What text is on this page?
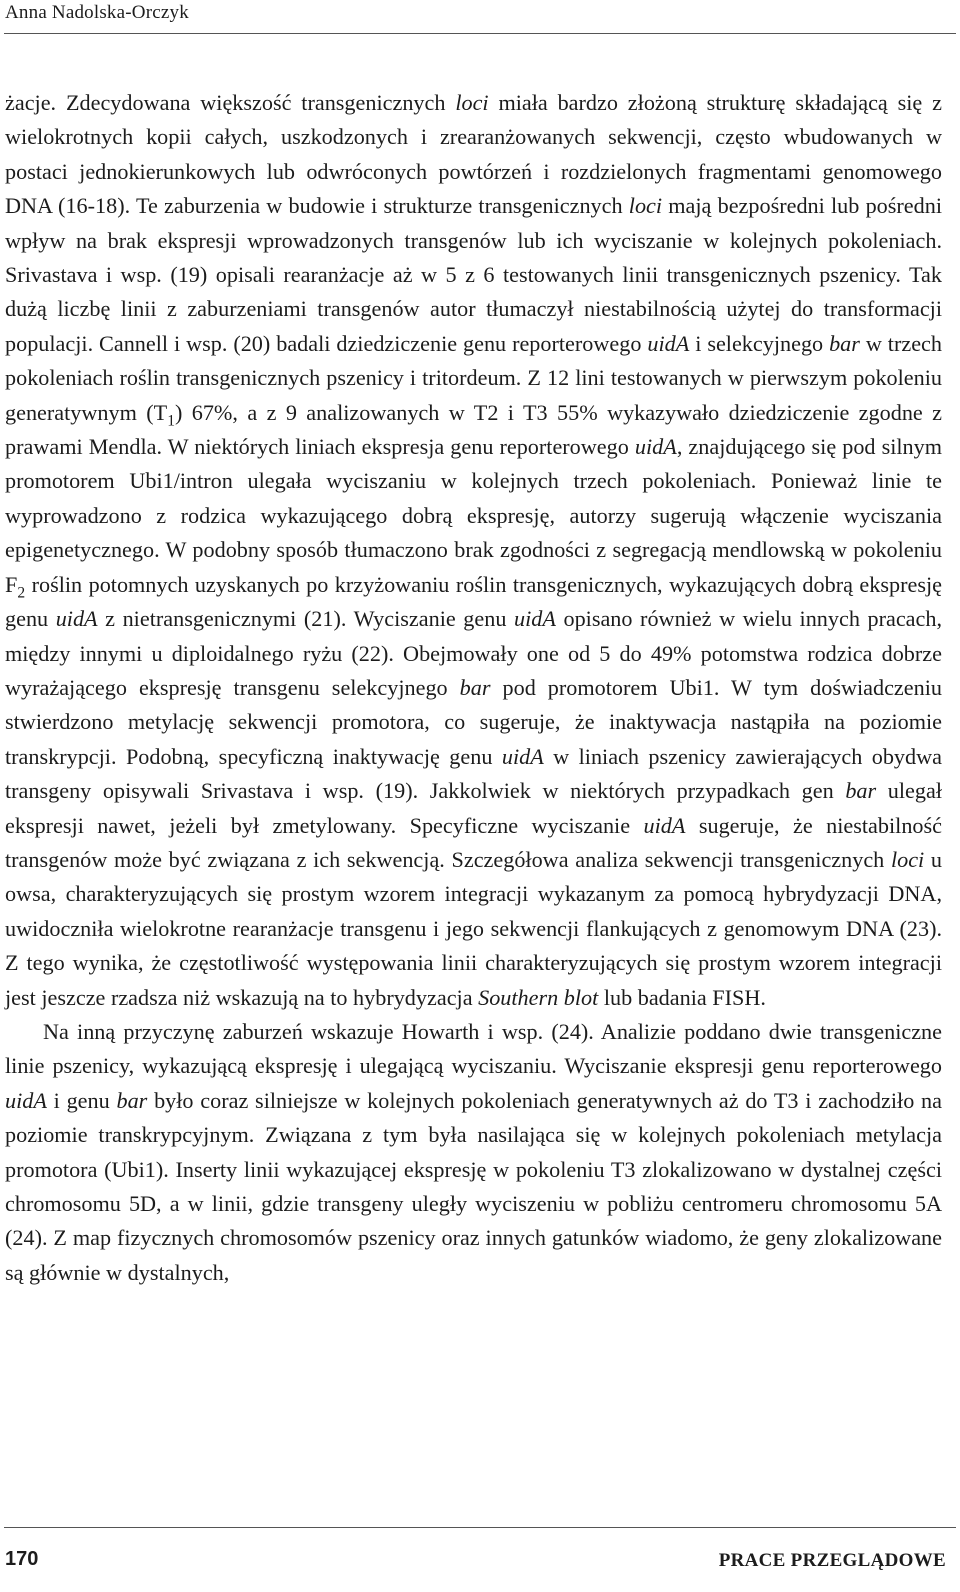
Anna Nadolska-Orczyk

żacje. Zdecydowana większość transgenicznych loci miała bardzo złożoną strukturę składającą się z wielokrotnych kopii całych, uszkodzonych i zrearanżowanych sekwencji, często wbudowanych w postaci jednokierunkowych lub odwróconych powtórzeń i rozdzielonych fragmentami genomowego DNA (16-18). Te zaburzenia w budowie i strukturze transgenicznych loci mają bezpośredni lub pośredni wpływ na brak ekspresji wprowadzonych transgenów lub ich wyciszanie w kolejnych pokoleniach. Srivastava i wsp. (19) opisali rearanżacje aż w 5 z 6 testowanych linii transgenicznych pszenicy. Tak dużą liczbę linii z zaburzeniami transgenów autor tłumaczył niestabilnością użytej do transformacji populacji. Cannell i wsp. (20) badali dziedziczenie genu reporterowego uidA i selekcyjnego bar w trzech pokoleniach roślin transgenicznych pszenicy i tritordeum. Z 12 lini testowanych w pierwszym pokoleniu generatywnym $(T_1)$ 67%, a z 9 analizowanych w T2 i T3 55% wykazywało dziedziczenie zgodne z prawami Mendla. W niektórych liniach ekspresja genu reporterowego uidA, znajdującego się pod silnym promotorem Ubi1/intron ulegała wyciszaniu w kolejnych trzech pokoleniach. Ponieważ linie te wyprowadzono z rodzica wykazującego dobrą ekspresję, autorzy sugerują włączenie wyciszania epigenetycznego. W podobny sposób tłumaczono brak zgodności z segregacją mendlowską w pokoleniu $F_2$ roślin potomnych uzyskanych po krzyżowaniu roślin transgenicznych, wykazujących dobrą ekspresję genu uidA z nietransgenicznymi (21). Wyciszanie genu uidA opisano również w wielu innych pracach, między innymi u diploidalnego ryżu (22). Obejmowały one od 5 do 49% potomstwa rodzica dobrze wyrażającego ekspresję transgenu selekcyjnego bar pod promotorem Ubi1. W tym doświadczeniu stwierdzono metylację sekwencji promotora, co sugeruje, że inaktywacja nastąpiła na poziomie transkrypcji. Podobną, specyficzną inaktywację genu uidA w liniach pszenicy zawierających obydwa transgeny opisywali Srivastava i wsp. (19). Jakkolwiek w niektórych przypadkach gen bar ulegał ekspresji nawet, jeżeli był zmetylowany. Specyficzne wyciszanie uidA sugeruje, że niestabilność transgenów może być związana z ich sekwencją. Szczegółowa analiza sekwencji transgenicznych loci u owsa, charakteryzujących się prostym wzorem integracji wykazanym za pomocą hybrydyzacji DNA, uwidoczniła wielokrotne rearanżacje transgenu i jego sekwencji flankujących z genomowym DNA (23). Z tego wynika, że częstotliwość występowania linii charakteryzujących się prostym wzorem integracji jest jeszcze rzadsza niż wskazują na to hybrydyzacja Southern blot lub badania FISH.

Na inną przyczynę zaburzeń wskazuje Howarth i wsp. (24). Analizie poddano dwie transgeniczne linie pszenicy, wykazującą ekspresję i ulegającą wyciszaniu. Wyciszanie ekspresji genu reporterowego uidA i genu bar było coraz silniejsze w kolejnych pokoleniach generatywnych aż do T3 i zachodziło na poziomie transkrypcyjnym. Związana z tym była nasilająca się w kolejnych pokoleniach metylacja promotora (Ubi1). Inserty linii wykazującej ekspresję w pokoleniu T3 zlokalizowano w dystalnej części chromosomu 5D, a w linii, gdzie transgeny uległy wyciszeniu w pobliżu centromeru chromosomu 5A (24). Z map fizycznych chromosomów pszenicy oraz innych gatunków wiadomo, że geny zlokalizowane są głównie w dystalnych,

170	PRACE PRZEGLĄDOWE
